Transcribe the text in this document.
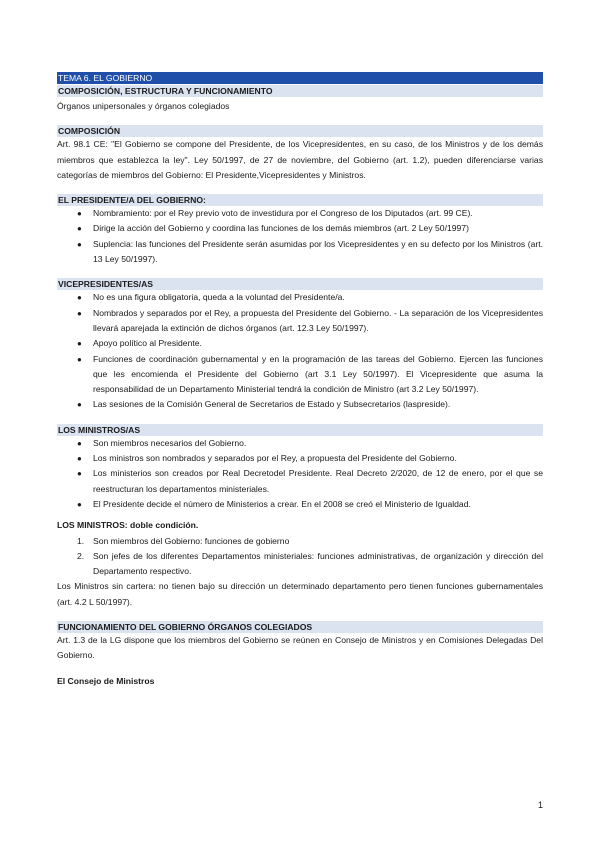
TEMA 6. EL GOBIERNO
COMPOSICIÓN, ESTRUCTURA Y FUNCIONAMIENTO

Órganos unipersonales y órganos colegiados

COMPOSICIÓN

Art. 98.1 CE: "El Gobierno se compone del Presidente, de los Vicepresidentes, en su caso, de los Ministros y de los demás miembros que establezca la ley". Ley 50/1997, de 27 de noviembre, del Gobierno (art. 1.2), pueden diferenciarse varias categorías de miembros del Gobierno: El Presidente,Vicepresidentes y Ministros.

EL PRESIDENTE/A DEL GOBIERNO:
● Nombramiento: por el Rey previo voto de investidura por el Congreso de los Diputados (art. 99 CE).
● Dirige la acción del Gobierno y coordina las funciones de los demás miembros (art. 2 Ley 50/1997)
● Suplencia: las funciones del Presidente serán asumidas por los Vicepresidentes y en su defecto por los Ministros (art. 13 Ley 50/1997).
VICEPRESIDENTES/AS
● No es una figura obligatoria, queda a la voluntad del Presidente/a.
● Nombrados y separados por el Rey, a propuesta del Presidente del Gobierno. - La separación de los Vicepresidentes llevará aparejada la extinción de dichos órganos (art. 12.3 Ley 50/1997).
● Apoyo político al Presidente.
● Funciones de coordinación gubernamental y en la programación de las tareas del Gobierno. Ejercen las funciones que les encomienda el Presidente del Gobierno (art 3.1 Ley 50/1997). El Vicepresidente que asuma la responsabilidad de un Departamento Ministerial tendrá la condición de Ministro (art 3.2 Ley 50/1997).
● Las sesiones de la Comisión General de Secretarios de Estado y Subsecretarios (laspreside).
LOS MINISTROS/AS
● Son miembros necesarios del Gobierno.
● Los ministros son nombrados y separados por el Rey, a propuesta del Presidente del Gobierno.
● Los ministerios son creados por Real Decretodel Presidente. Real Decreto 2/2020, de 12 de enero, por el que se reestructuran los departamentos ministeriales.
● El Presidente decide el número de Ministerios a crear. En el 2008 se creó el Ministerio de Igualdad.

LOS MINISTROS: doble condición.

1. Son miembros del Gobierno: funciones de gobierno
2. Son jefes de los diferentes Departamentos ministeriales: funciones administrativas, de organización y dirección del Departamento respectivo.

Los Ministros sin cartera: no tienen bajo su dirección un determinado departamento pero tienen funciones gubernamentales (art. 4.2 L 50/1997).

FUNCIONAMIENTO DEL GOBIERNO ÓRGANOS COLEGIADOS

Art. 1.3 de la LG dispone que los miembros del Gobierno se reúnen en Consejo de Ministros y en Comisiones Delegadas Del Gobierno.

El Consejo de Ministros

1
